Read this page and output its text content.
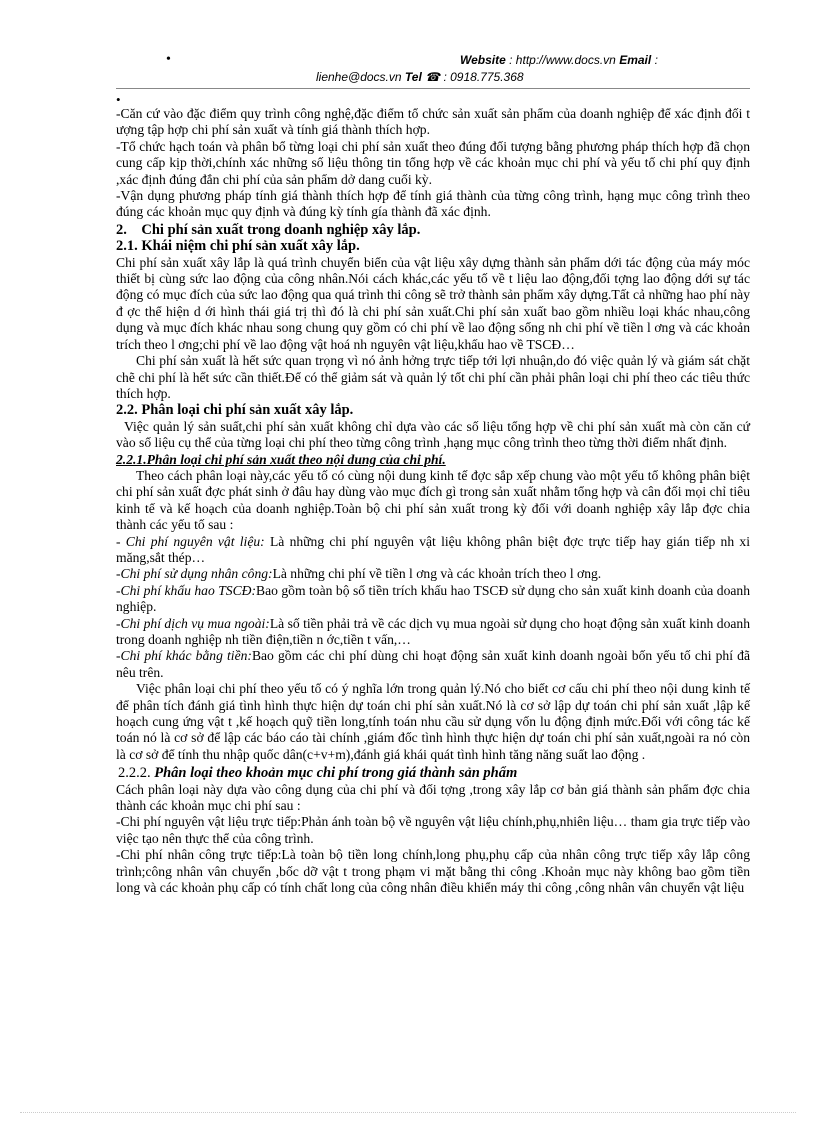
•	Website : http://www.docs.vn Email :
lienhe@docs.vn Tel ☎ : 0918.775.368

•

-Căn cứ vào đặc điểm quy trình công nghệ,đặc điểm tổ chức sản xuất sản phẩm của doanh nghiệp để xác định đối t ượng tập hợp chi phí sản xuất và tính giá thành thích hợp.

-Tổ chức hạch toán và phân bổ từng loại chi phí sản xuất theo đúng đối tượng bằng phương pháp thích hợp đã chọn cung cấp kịp thời,chính xác những số liệu thông tin tổng hợp về các khoản mục chi phí và yếu tố chi phí quy định ,xác định đúng đắn chi phí của sản phẩm dở dang cuối kỳ.

-Vận dụng phương pháp tính giá thành thích hợp để tính giá thành của từng công trình, hạng mục công trình theo đúng các khoản mục quy định và đúng kỳ tính gía thành đã xác định.

2. Chi phí sản xuất trong doanh nghiệp xây lắp.

2.1. Khái niệm chi phí sản xuất xây lắp.

Chi phí sản xuất xây lắp là quá trình chuyển biến của vật liệu xây dựng thành sản phẩm dới tác động của máy móc thiết bị cùng sức lao động của công nhân.Nói cách khác,các yếu tố về t liệu lao động,đối tợng lao động dới sự tác động có mục đích của sức lao động qua quá trình thi công sẽ trở thành sản phẩm xây dựng.Tất cả những hao phí này đ ợc thể hiện d ới hình thái giá trị thì đó là chi phí sản xuất.Chi phí sản xuất bao gồm nhiều loại khác nhau,công dụng và mục đích khác nhau song chung quy gồm có chi phí về lao động sống nh chi phí về tiền l ơng và các khoản trích theo l ơng;chi phí về lao động vật hoá nh nguyên vật liệu,khấu hao về TSCĐ…

Chi phí sản xuất là hết sức quan trọng vì nó ảnh hởng trực tiếp tới lợi nhuận,do đó việc quản lý và giám sát chặt chẽ chi phí là hết sức cần thiết.Để có thể giảm sát và quản lý tốt chi phí cần phải phân loại chi phí theo các tiêu thức thích hợp.

2.2. Phân loại chi phí sản xuất xây lắp.

Việc quản lý sản suất,chi phí sản xuất không chỉ dựa vào các số liệu tổng hợp về chi phí sản xuất mà còn căn cứ vào số liệu cụ thể của từng loại chi phí theo từng công trình ,hạng mục công trình theo từng thời điểm nhất định.

2.2.1.Phân loại chi phí sản xuất theo nội dung của chi phí.

Theo cách phân loại này,các yếu tố có cùng nội dung kinh tế đợc sắp xếp chung vào một yếu tố không phân biệt chi phí sản xuất đợc phát sinh ở đâu hay dùng vào mục đích gì trong sản xuất nhằm tổng hợp và cân đối mọi chỉ tiêu kinh tế và kế hoạch của doanh nghiệp.Toàn bộ chi phí sản xuất trong kỳ đối với doanh nghiệp xây lắp đợc chia thành các yếu tố sau :

- Chi phí nguyên vật liệu: Là những chi phí nguyên vật liệu không phân biệt đợc trực tiếp hay gián tiếp nh xi măng,sắt thép…

-Chi phí sử dụng nhân công:Là những chi phí về tiền l ơng và các khoản trích theo l ơng.

-Chi phí khấu hao TSCĐ:Bao gồm toàn bộ số tiền trích khấu hao TSCĐ sử dụng cho sản xuất kinh doanh của doanh nghiệp.

-Chi phí dịch vụ mua ngoài:Là số tiền phải trả về các dịch vụ mua ngoài sử dụng cho hoạt động sản xuất kinh doanh trong doanh nghiệp nh tiền điện,tiền n ớc,tiền t vấn,…

-Chi phí khác bằng tiền:Bao gồm các chi phí dùng chi hoạt động sản xuất kinh doanh ngoài bốn yếu tố chi phí đã nêu trên.

Việc phân loại chi phí theo yếu tố có ý nghĩa lớn trong quản lý.Nó cho biết cơ cấu chi phí theo nội dung kinh tế để phân tích đánh giá tình hình thực hiện dự toán chi phí sản xuất.Nó là cơ sở lập dự toán chi phí sản xuất ,lập kế hoạch cung ứng vật t ,kế hoạch quỹ tiền long,tính toán nhu cầu sử dụng vốn lu động định mức.Đối với công tác kế toán nó là cơ sở để lập các báo cáo tài chính ,giám đốc tình hình thực hiện dự toán chi phí sản xuất,ngoài ra nó còn là cơ sở để tính thu nhập quốc dân(c+v+m),đánh giá khái quát tình hình tăng năng suất lao động .

2.2.2. Phân loại theo khoản mục chi phí trong giá thành sản phẩm

Cách phân loại này dựa vào công dụng của chi phí và đối tợng ,trong xây lắp cơ bản giá thành sản phẩm đợc chia thành các khoản mục chi phí sau :

-Chi phí nguyên vật liệu trực tiếp:Phản ánh toàn bộ về nguyên vật liệu chính,phụ,nhiên liệu… tham gia trực tiếp vào việc tạo nên thực thể của công trình.

-Chi phí nhân công trực tiếp:Là toàn bộ tiền long chính,long phụ,phụ cấp của nhân công trực tiếp xây lắp công trình;công nhân vân chuyển ,bốc dỡ vật t trong phạm vi mặt bằng thi công .Khoản mục này không bao gồm tiền long và các khoản phụ cấp có tính chất long của công nhân điều khiển máy thi công ,công nhân vân chuyển vật liệu
